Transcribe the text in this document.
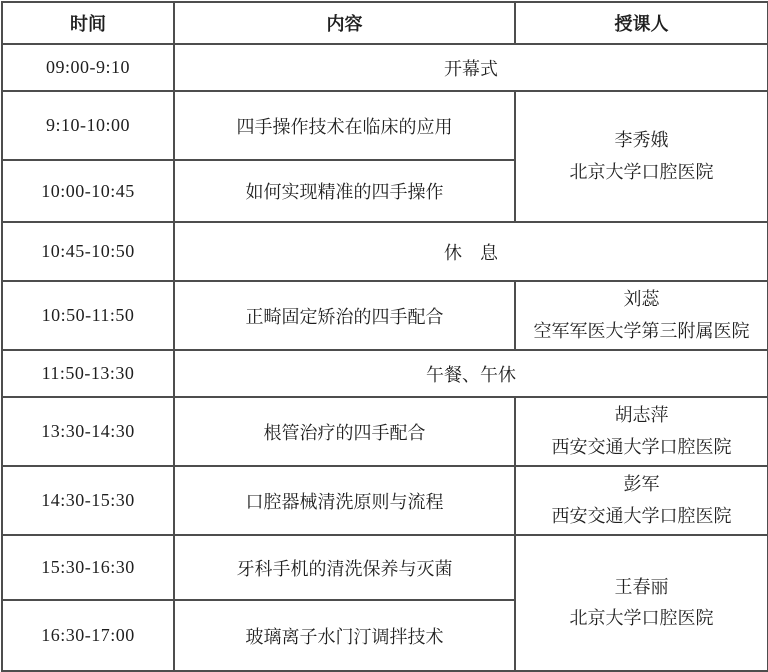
时间	内容	授课人
09:00-9:10	开幕式	
9:10-10:00	四手操作技术在临床的应用	李秀娥
北京大学口腔医院

10:00-10:45	如何实现精准的四手操作	
10:45-10:50	休　息	
10:50-11:50	正畸固定矫治的四手配合	刘蕊
空军军医大学第三附属医院

11:50-13:30	午餐、午休	
13:30-14:30	根管治疗的四手配合	胡志萍
西安交通大学口腔医院

14:30-15:30	口腔器械清洗原则与流程	彭军
西安交通大学口腔医院

15:30-16:30	牙科手机的清洗保养与灭菌	王春丽
北京大学口腔医院

16:30-17:00	玻璃离子水门汀调拌技术	
